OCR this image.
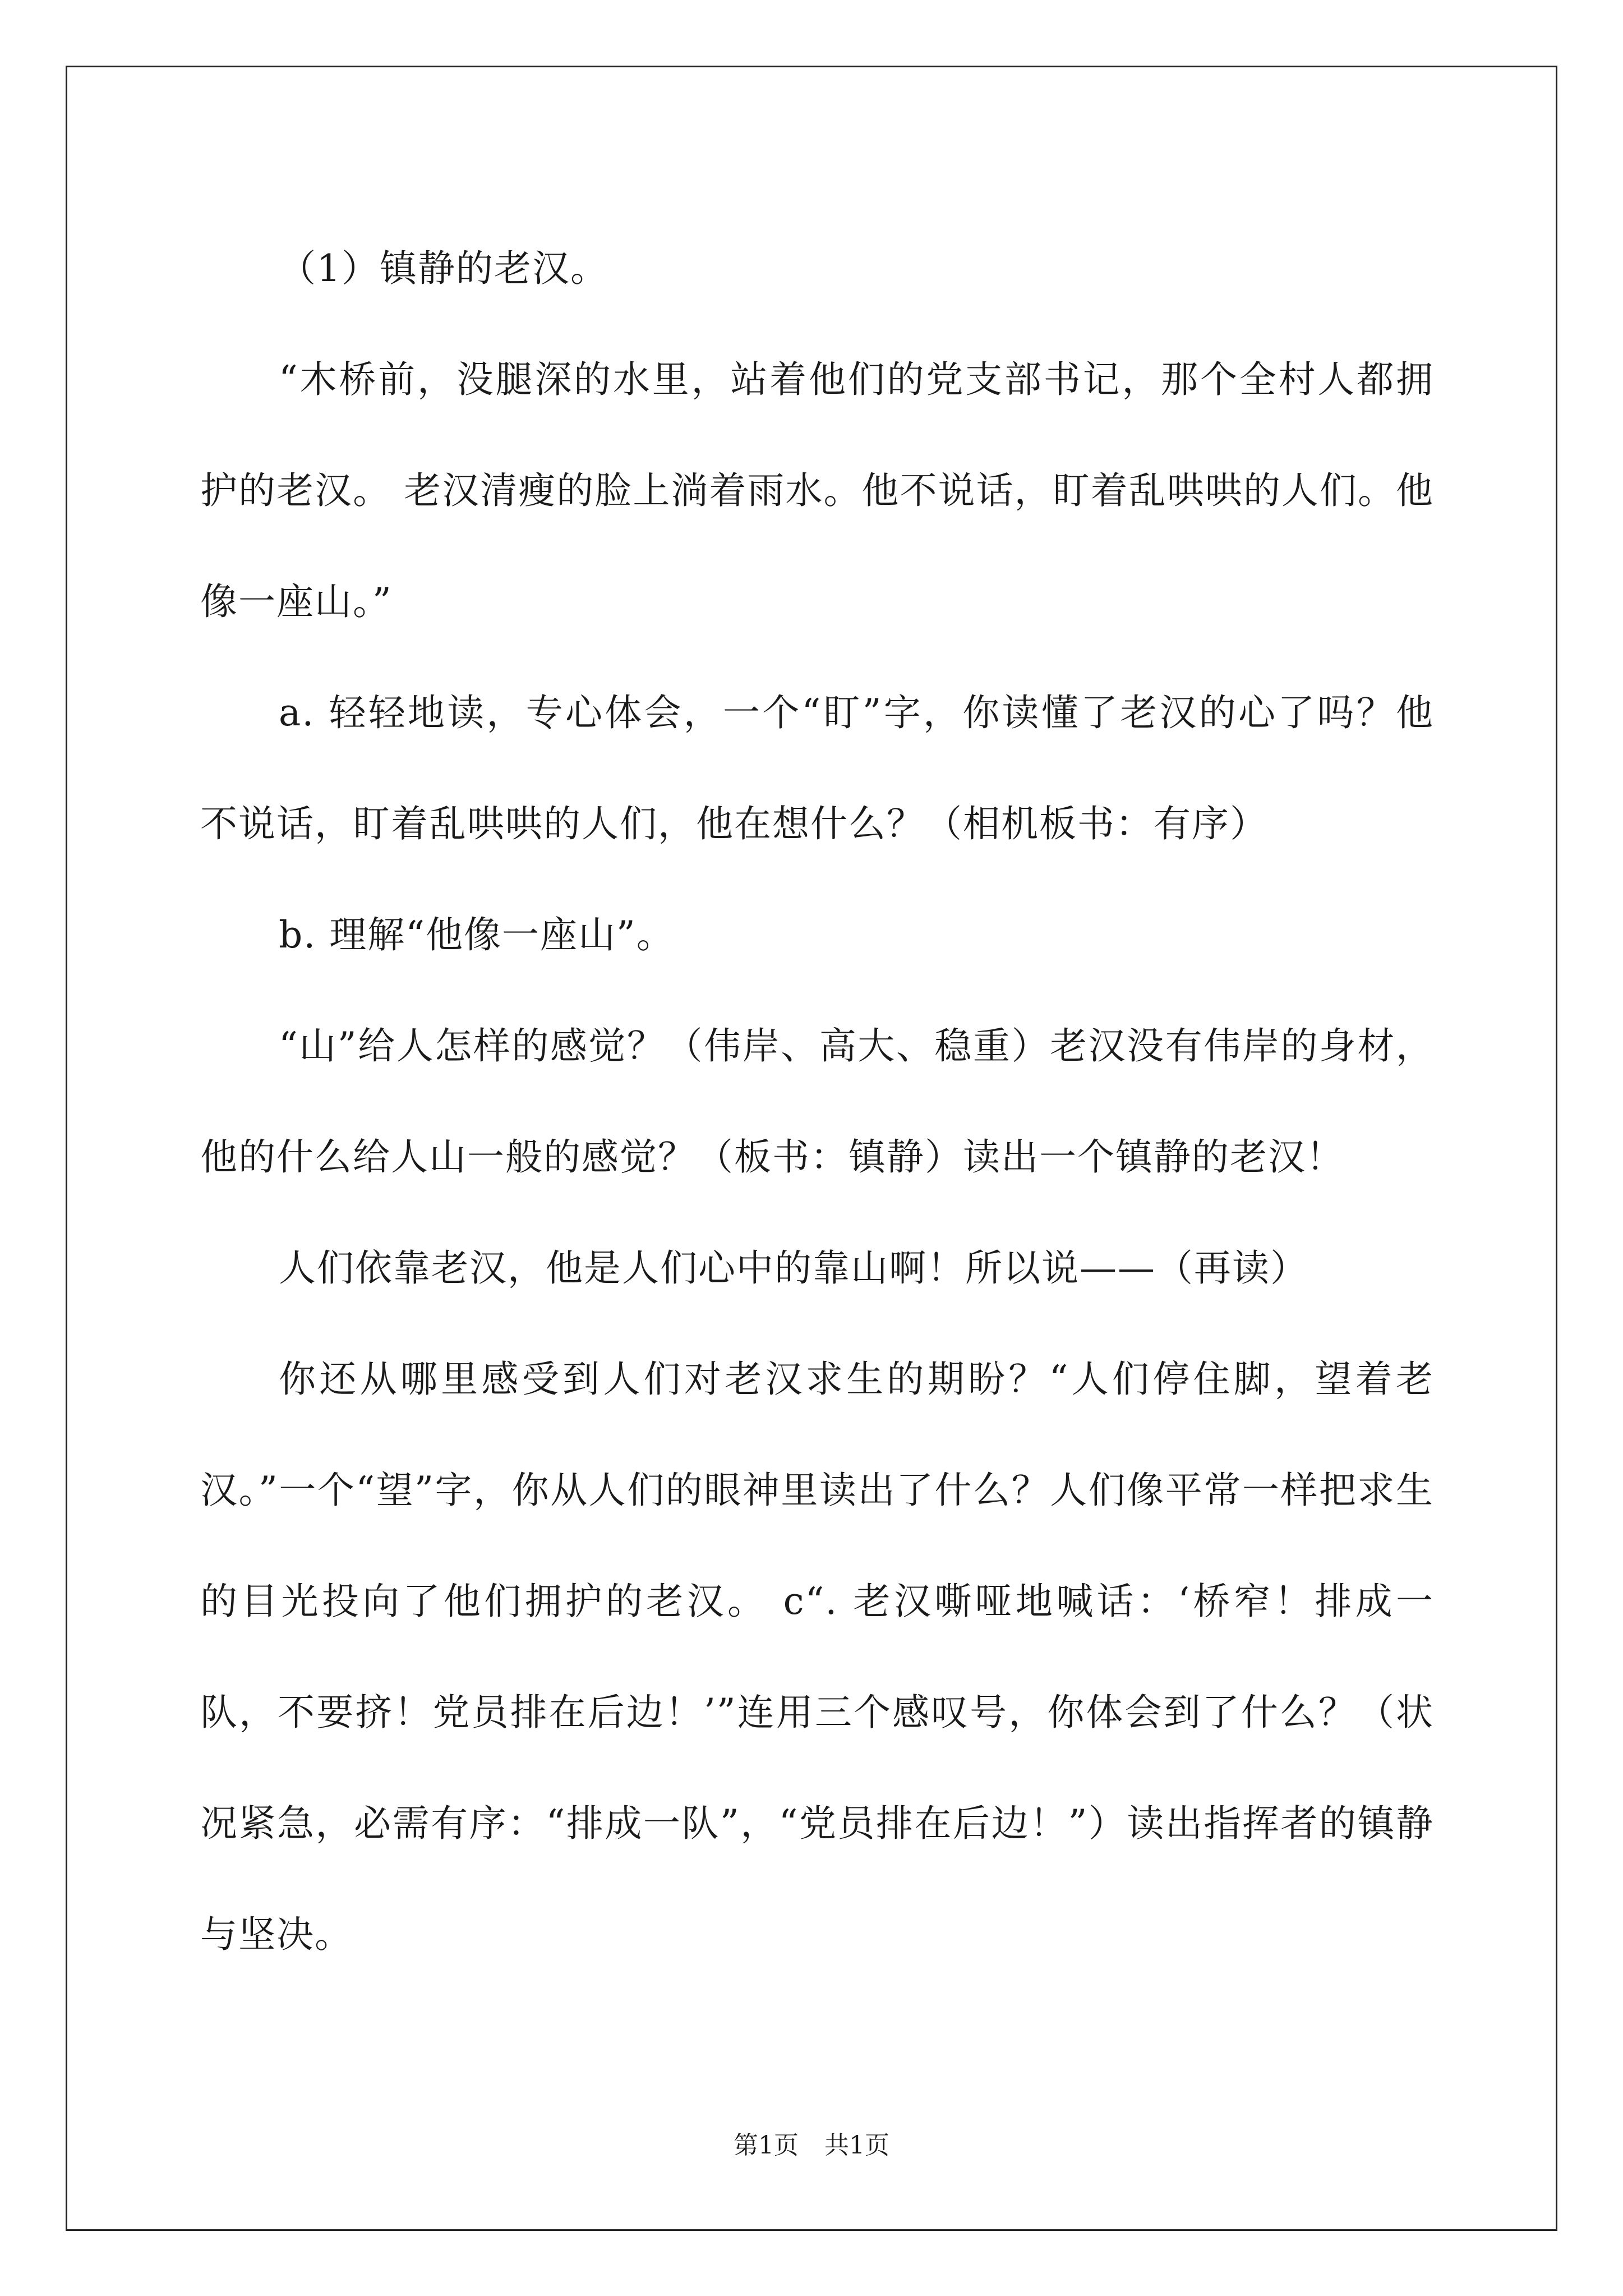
（1）镇静的老汉。

“木桥前，没腿深的水里，站着他们的党支部书记，那个全村人都拥护的老汉。 老汉清瘦的脸上淌着雨水。他不说话，盯着乱哄哄的人们。他像一座山。”

a. 轻轻地读，专心体会，一个“盯”字，你读懂了老汉的心了吗？他不说话，盯着乱哄哄的人们，他在想什么？（相机板书：有序）

b. 理解“他像一座山”。

“山”给人怎样的感觉？（伟岸、高大、稳重）老汉没有伟岸的身材，他的什么给人山一般的感觉？（板书：镇静）读出一个镇静的老汉！

人们依靠老汉，他是人们心中的靠山啊！所以说——（再读）

你还从哪里感受到人们对老汉求生的期盼？“人们停住脚，望着老汉。”一个“望”字，你从人们的眼神里读出了什么？人们像平常一样把求生的目光投向了他们拥护的老汉。 c“. 老汉嘶哑地喊话：‘桥窄！排成一队，不要挤！党员排在后边！’”连用三个感叹号，你体会到了什么？（状况紧急，必需有序：“排成一队”，“党员排在后边！”）读出指挥者的镇静与坚决。

第1页 共1页
